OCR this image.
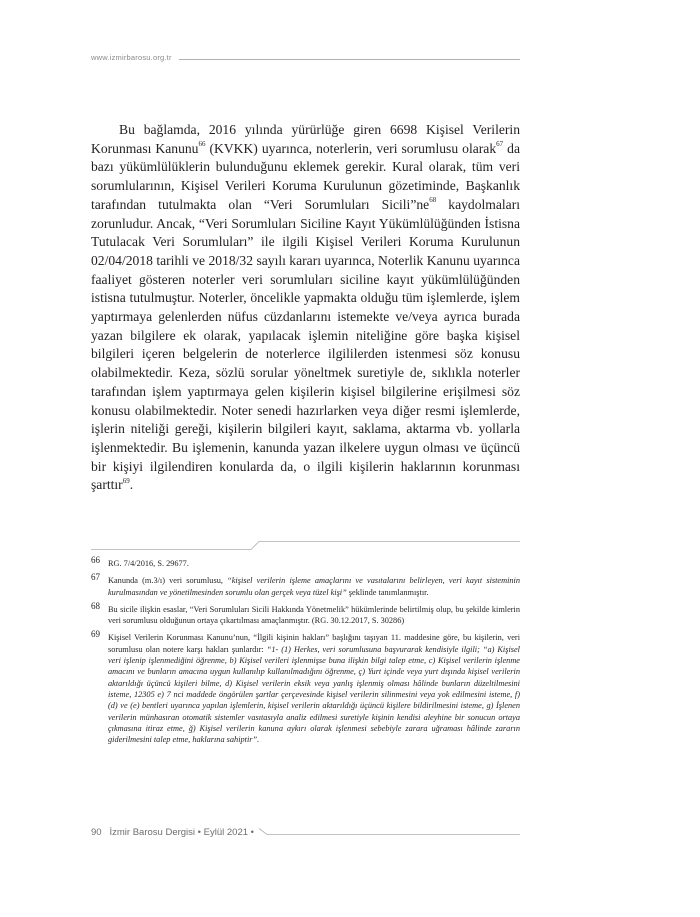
www.izmirbarosu.org.tr

Bu bağlamda, 2016 yılında yürürlüğe giren 6698 Kişisel Verilerin Korunması Kanunu$^{66}$ (KVKK) uyarınca, noterlerin, veri sorumlusu olarak$^{67}$ da bazı yükümlülüklerin bulunduğunu eklemek gerekir. Kural olarak, tüm veri sorumlularının, Kişisel Verileri Koruma Kurulunun gözetiminde, Başkanlık tarafından tutulmakta olan “Veri Sorumluları $Sicili”ne^{68}$ kaydolmaları zorunludur. Ancak, “Veri Sorumluları Siciline Kayıt Yükümlülüğünden İstisna Tutulacak Veri Sorumluları” ile ilgili Kişisel Verileri Koruma Kurulunun 02/04/2018 tarihli ve 2018/32 sayılı kararı uyarınca, Noterlik Kanunu uyarınca faaliyet gösteren noterler veri sorumluları siciline kayıt yükümlülüğünden istisna tutulmuştur. Noterler, öncelikle yapmakta olduğu tüm işlemlerde, işlem yaptırmaya gelenlerden nüfus cüzdanlarını istemekte ve/veya ayrıca burada yazan bilgilere ek olarak, yapılacak işlemin niteliğine göre başka kişisel bilgileri içeren belgelerin de noterlerce ilgililerden istenmesi söz konusu olabilmektedir. Keza, sözlü sorular yöneltmek suretiyle de, sıklıkla noterler tarafından işlem yaptırmaya gelen kişilerin kişisel bilgilerine erişilmesi söz konusu olabilmektedir. Noter senedi hazırlarken veya diğer resmi işlemlerde, işlerin niteliği gereği, kişilerin bilgileri kayıt, saklama, aktarma vb. yollarla işlenmektedir. Bu işlemenin, kanunda yazan ilkelere uygun olması ve üçüncü bir kişiyi ilgilendiren konularda da, o ilgili kişilerin haklarının korunması şarttır$^{69}$.

66 RG. 7/4/2016, S. 29677.
67 Kanunda (m.3/ı) veri sorumlusu, “kişisel verilerin işleme amaçlarını ve vasıtalarını belirleyen, veri kayıt sisteminin kurulmasından ve yönetilmesinden sorumlu olan gerçek veya tüzel kişi” şeklinde tanımlanmıştır.
68 Bu sicile ilişkin esaslar, “Veri Sorumluları Sicili Hakkında Yönetmelik” hükümlerinde belirtilmiş olup, bu şekilde kimlerin veri sorumlusu olduğunun ortaya çıkartılması amaçlanmıştır. (RG. 30.12.2017, S. 30286)
69 Kişisel Verilerin Korunması Kanunu’nun, “İlgili kişinin hakları” başlığını taşıyan 11. maddesine göre, bu kişilerin, veri sorumlusu olan notere karşı hakları şunlardır: “1- (1) Herkes, veri sorumlusuna başvurarak kendisiyle ilgili; “a) Kişisel veri işlenip işlenmediğini öğrenme, b) Kişisel verileri işlenmişse buna ilişkin bilgi talep etme, c) Kişisel verilerin işlenme amacını ve bunların amacına uygun kullanılıp kullanılmadığını öğrenme, ç) Yurt içinde veya yurt dışında kişisel verilerin aktarıldığı üçüncü kişileri bilme, d) Kişisel verilerin eksik veya yanlış işlenmiş olması hâlinde bunların düzeltilmesini isteme, 12305 e) 7 nci maddede öngörülen şartlar çerçevesinde kişisel verilerin silinmesini veya yok edilmesini isteme, f) (d) ve (e) bentleri uyarınca yapılan işlemlerin, kişisel verilerin aktarıldığı üçüncü kişilere bildirilmesini isteme, g) İşlenen verilerin münhasıran otomatik sistemler vasıtasıyla analiz edilmesi suretiyle kişinin kendisi aleyhine bir sonucun ortaya çıkmasına itiraz etme, ğ) Kişisel verilerin kanuna aykırı olarak işlenmesi sebebiyle zarara uğraması hâlinde zararın giderilmesini talep etme, haklarına sahiptir”.
90 İzmir Barosu Dergisi • Eylül 2021 •
